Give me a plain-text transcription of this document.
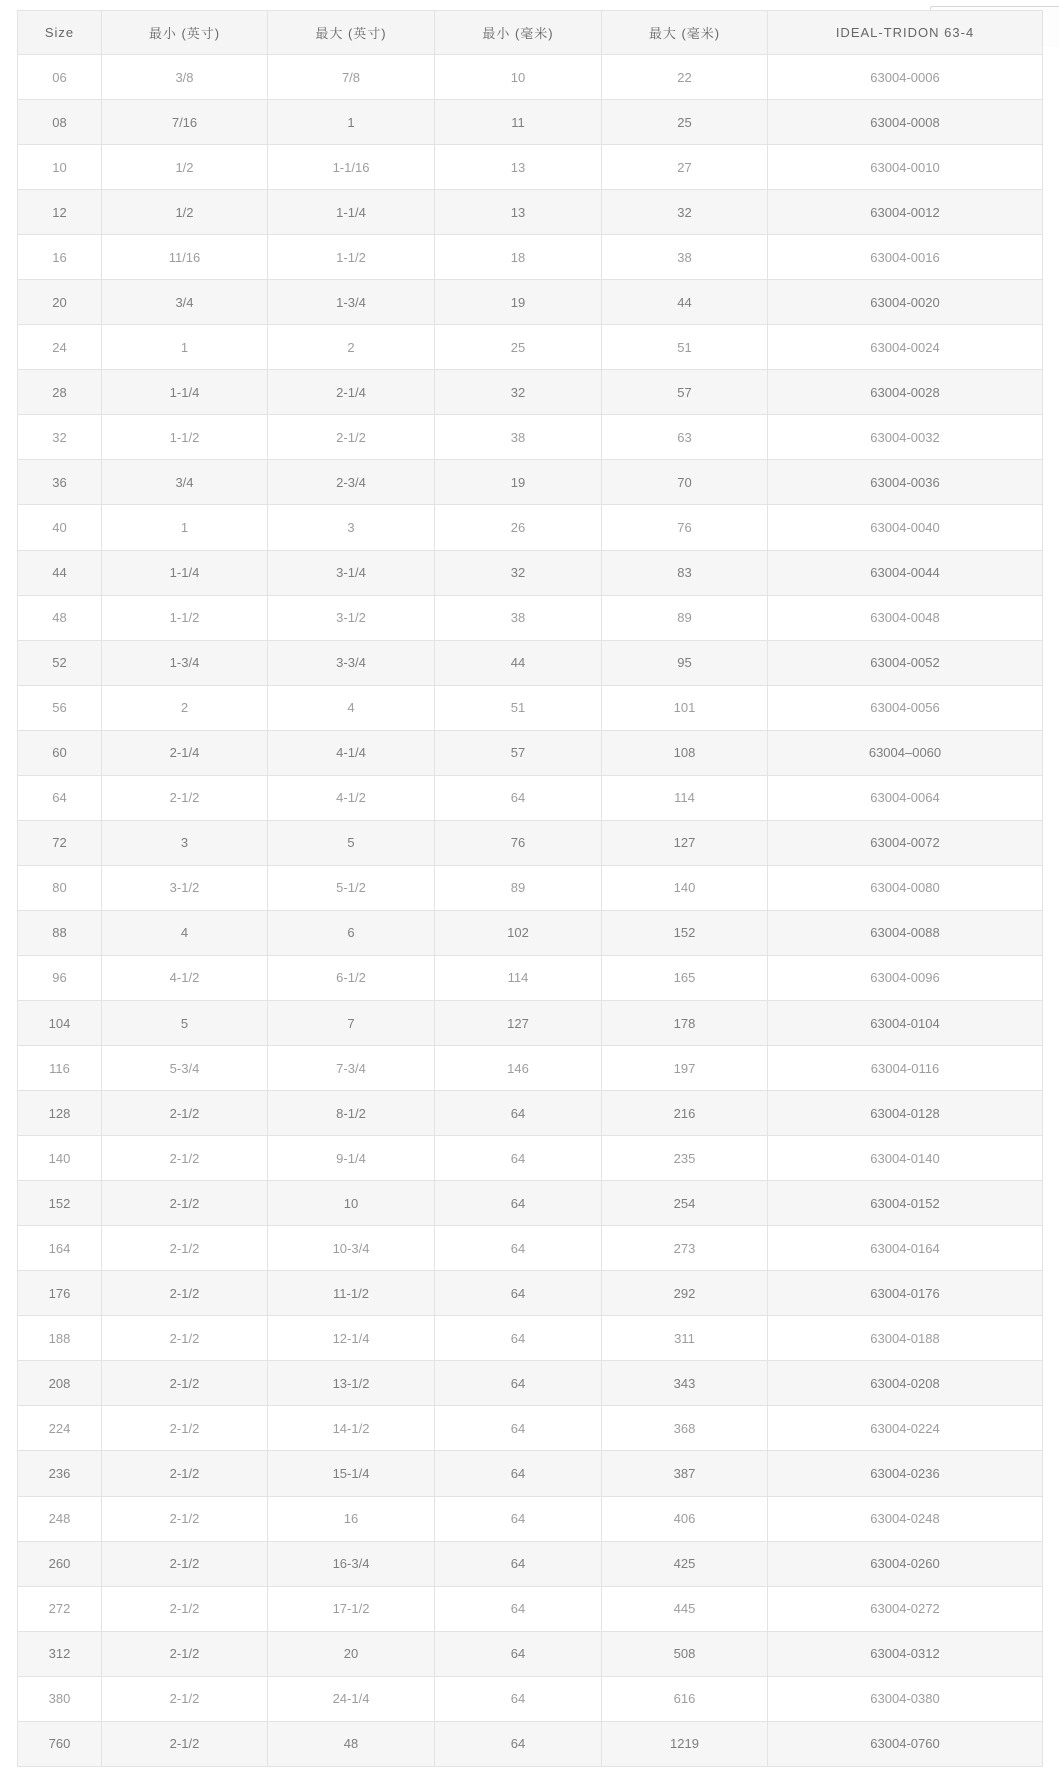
Size	最小 (英寸)	最大 (英寸)	最小 (毫米)	最大 (毫米)	IDEAL-TRIDON 63-4
06	3/8	7/8	10	22	63004-0006
08	7/16	1	11	25	63004-0008
10	1/2	1-1/16	13	27	63004-0010
12	1/2	1-1/4	13	32	63004-0012
16	11/16	1-1/2	18	38	63004-0016
20	3/4	1-3/4	19	44	63004-0020
24	1	2	25	51	63004-0024
28	1-1/4	2-1/4	32	57	63004-0028
32	1-1/2	2-1/2	38	63	63004-0032
36	3/4	2-3/4	19	70	63004-0036
40	1	3	26	76	63004-0040
44	1-1/4	3-1/4	32	83	63004-0044
48	1-1/2	3-1/2	38	89	63004-0048
52	1-3/4	3-3/4	44	95	63004-0052
56	2	4	51	101	63004-0056
60	2-1/4	4-1/4	57	108	63004–0060
64	2-1/2	4-1/2	64	114	63004-0064
72	3	5	76	127	63004-0072
80	3-1/2	5-1/2	89	140	63004-0080
88	4	6	102	152	63004-0088
96	4-1/2	6-1/2	114	165	63004-0096
104	5	7	127	178	63004-0104
116	5-3/4	7-3/4	146	197	63004-0116
128	2-1/2	8-1/2	64	216	63004-0128
140	2-1/2	9-1/4	64	235	63004-0140
152	2-1/2	10	64	254	63004-0152
164	2-1/2	10-3/4	64	273	63004-0164
176	2-1/2	11-1/2	64	292	63004-0176
188	2-1/2	12-1/4	64	311	63004-0188
208	2-1/2	13-1/2	64	343	63004-0208
224	2-1/2	14-1/2	64	368	63004-0224
236	2-1/2	15-1/4	64	387	63004-0236
248	2-1/2	16	64	406	63004-0248
260	2-1/2	16-3/4	64	425	63004-0260
272	2-1/2	17-1/2	64	445	63004-0272
312	2-1/2	20	64	508	63004-0312
380	2-1/2	24-1/4	64	616	63004-0380
760	2-1/2	48	64	1219	63004-0760
